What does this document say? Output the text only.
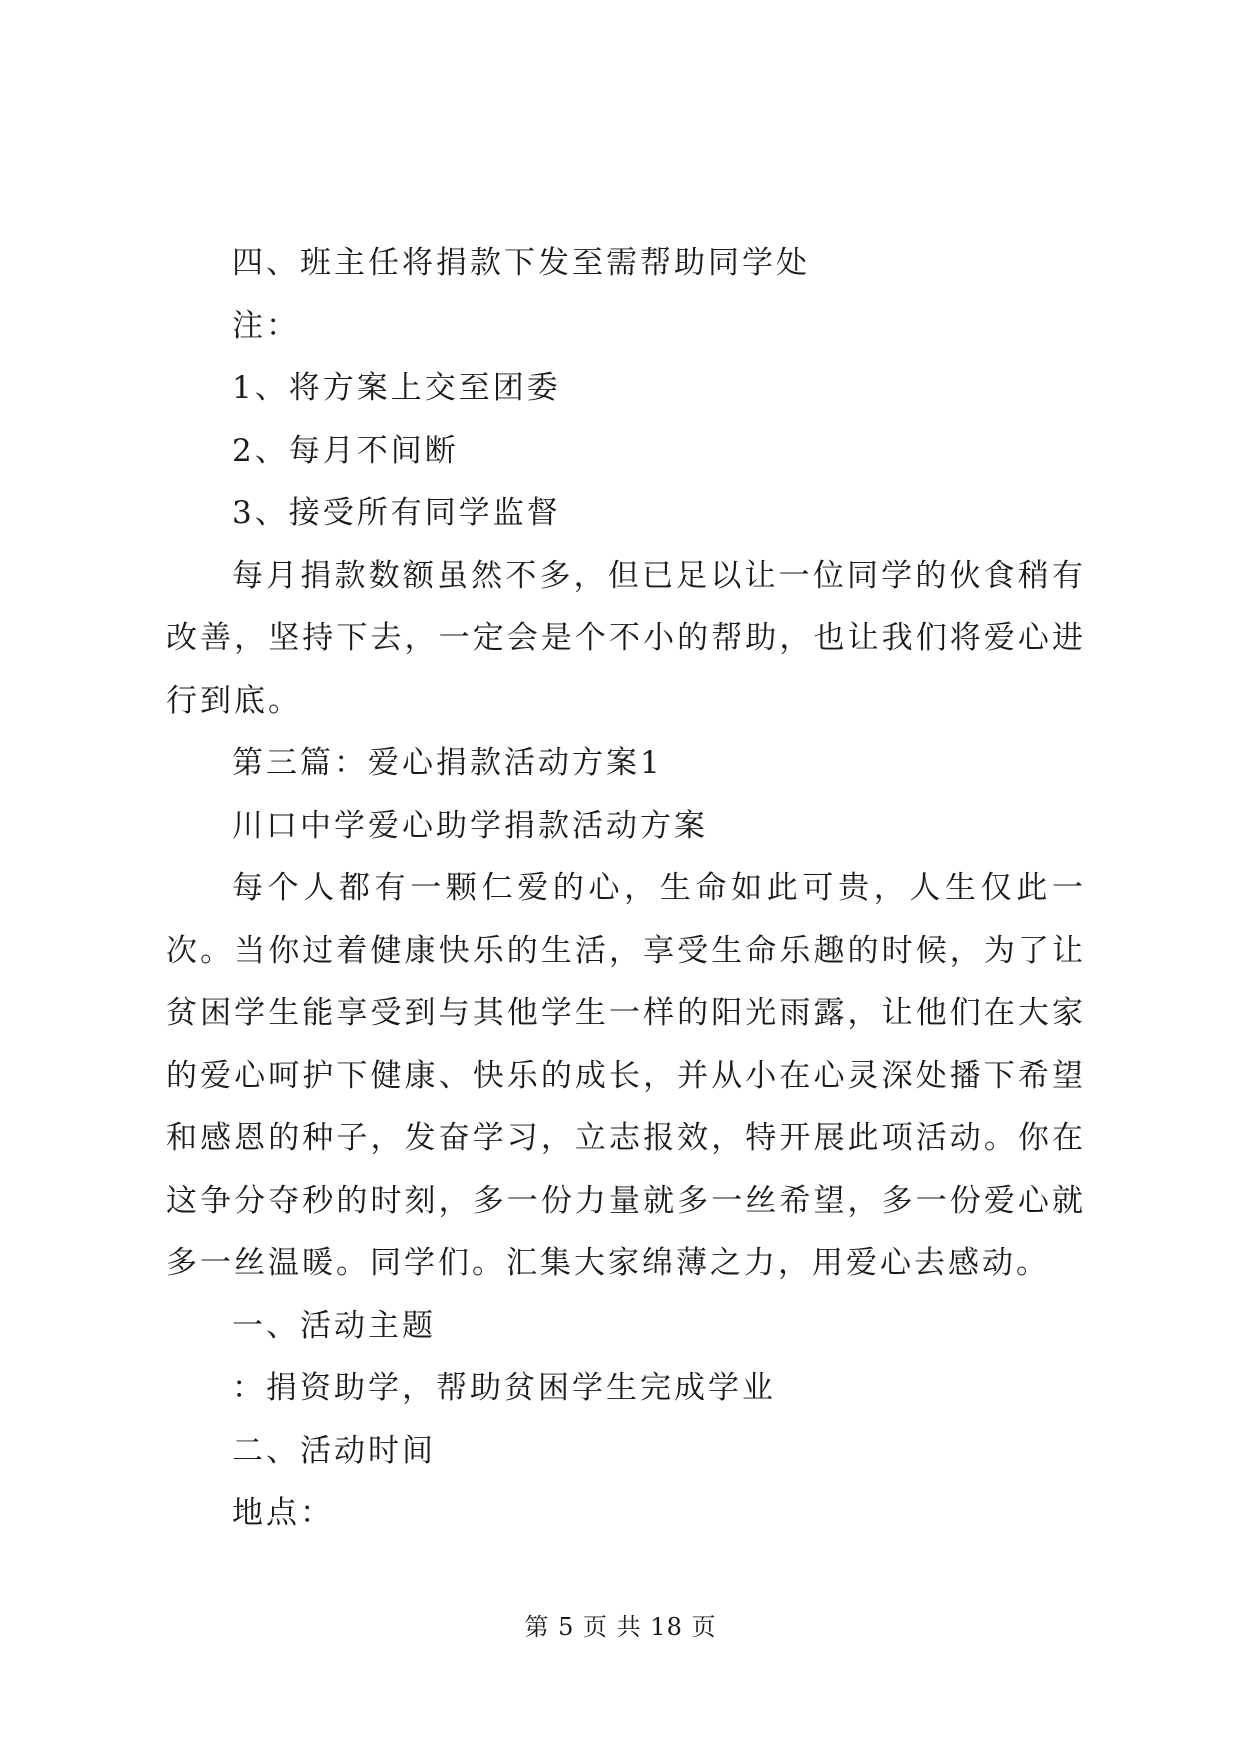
四、班主任将捐款下发至需帮助同学处

注：

1、将方案上交至团委

2、每月不间断

3、接受所有同学监督

每月捐款数额虽然不多，但已足以让一位同学的伙食稍有改善，坚持下去，一定会是个不小的帮助，也让我们将爱心进行到底。

第三篇：爱心捐款活动方案1

川口中学爱心助学捐款活动方案

每个人都有一颗仁爱的心，生命如此可贵，人生仅此一次。当你过着健康快乐的生活，享受生命乐趣的时候，为了让贫困学生能享受到与其他学生一样的阳光雨露，让他们在大家的爱心呵护下健康、快乐的成长，并从小在心灵深处播下希望和感恩的种子，发奋学习，立志报效，特开展此项活动。你在这争分夺秒的时刻，多一份力量就多一丝希望，多一份爱心就多一丝温暖。同学们。汇集大家绵薄之力，用爱心去感动。

一、活动主题

：捐资助学，帮助贫困学生完成学业

二、活动时间

地点：

第 5 页 共 18 页
